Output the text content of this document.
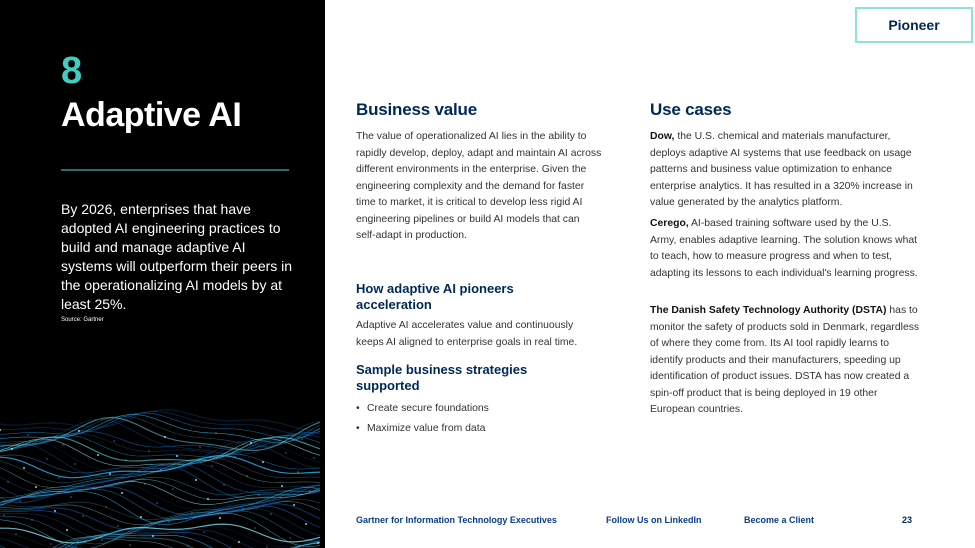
8
Adaptive AI
By 2026, enterprises that have adopted AI engineering practices to build and manage adaptive AI systems will outperform their peers in the operationalizing AI models by at least 25%.
Source: Gartner
Pioneer
Business value

The value of operationalized AI lies in the ability to rapidly develop, deploy, adapt and maintain AI across different environments in the enterprise. Given the engineering complexity and the demand for faster time to market, it is critical to develop less rigid AI engineering pipelines or build AI models that can self-adapt in production.

How adaptive AI pioneers acceleration

Adaptive AI accelerates value and continuously keeps AI aligned to enterprise goals in real time.

Sample business strategies supported
• Create secure foundations
• Maximize value from data
Use cases

Dow, the U.S. chemical and materials manufacturer, deploys adaptive AI systems that use feedback on usage patterns and business value optimization to enhance enterprise analytics. It has resulted in a 320% increase in value generated by the analytics platform.

Cerego, AI-based training software used by the U.S. Army, enables adaptive learning. The solution knows what to teach, how to measure progress and when to test, adapting its lessons to each individual's learning progress.

The Danish Safety Technology Authority (DSTA) has to monitor the safety of products sold in Denmark, regardless of where they come from. Its AI tool rapidly learns to identify products and their manufacturers, speeding up identification of product issues. DSTA has now created a spin-off product that is being deployed in 19 other European countries.

Gartner for Information Technology Executives	Follow Us on LinkedIn	Become a Client	23
